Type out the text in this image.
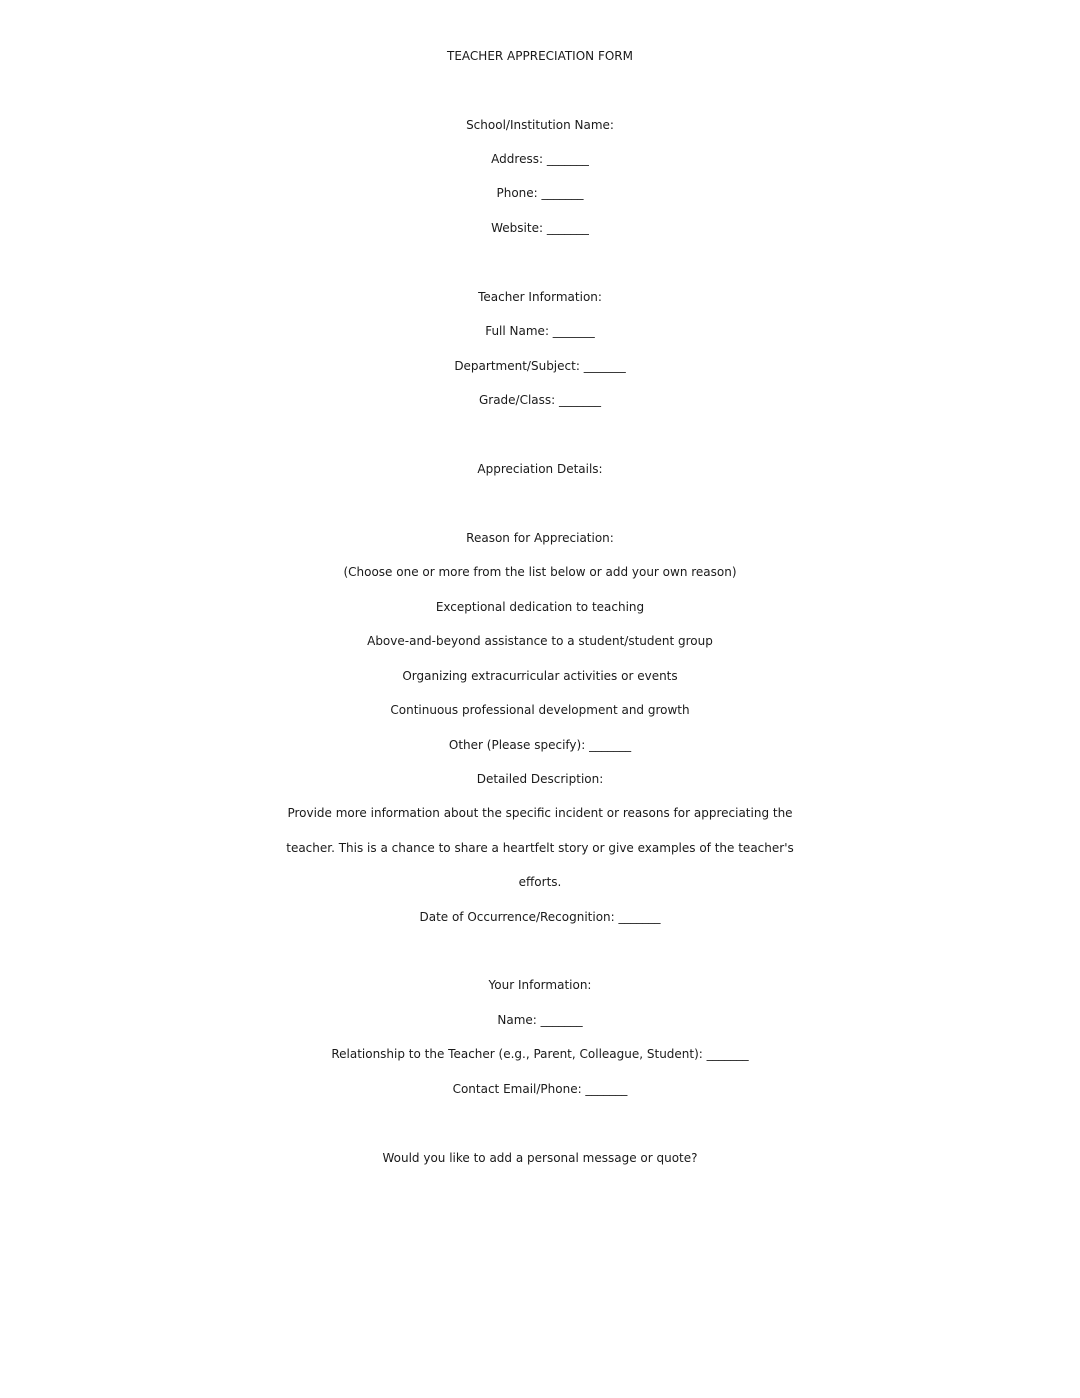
TEACHER APPRECIATION FORM
School/Institution Name:
Address: _______
Phone: _______
Website: _______
Teacher Information:
Full Name: _______
Department/Subject: _______
Grade/Class: _______
Appreciation Details:
Reason for Appreciation:
(Choose one or more from the list below or add your own reason)
Exceptional dedication to teaching
Above-and-beyond assistance to a student/student group
Organizing extracurricular activities or events
Continuous professional development and growth
Other (Please specify): _______
Detailed Description:
Provide more information about the specific incident or reasons for appreciating the
teacher. This is a chance to share a heartfelt story or give examples of the teacher's
efforts.
Date of Occurrence/Recognition: _______
Your Information:
Name: _______
Relationship to the Teacher (e.g., Parent, Colleague, Student): _______
Contact Email/Phone: _______
Would you like to add a personal message or quote?
